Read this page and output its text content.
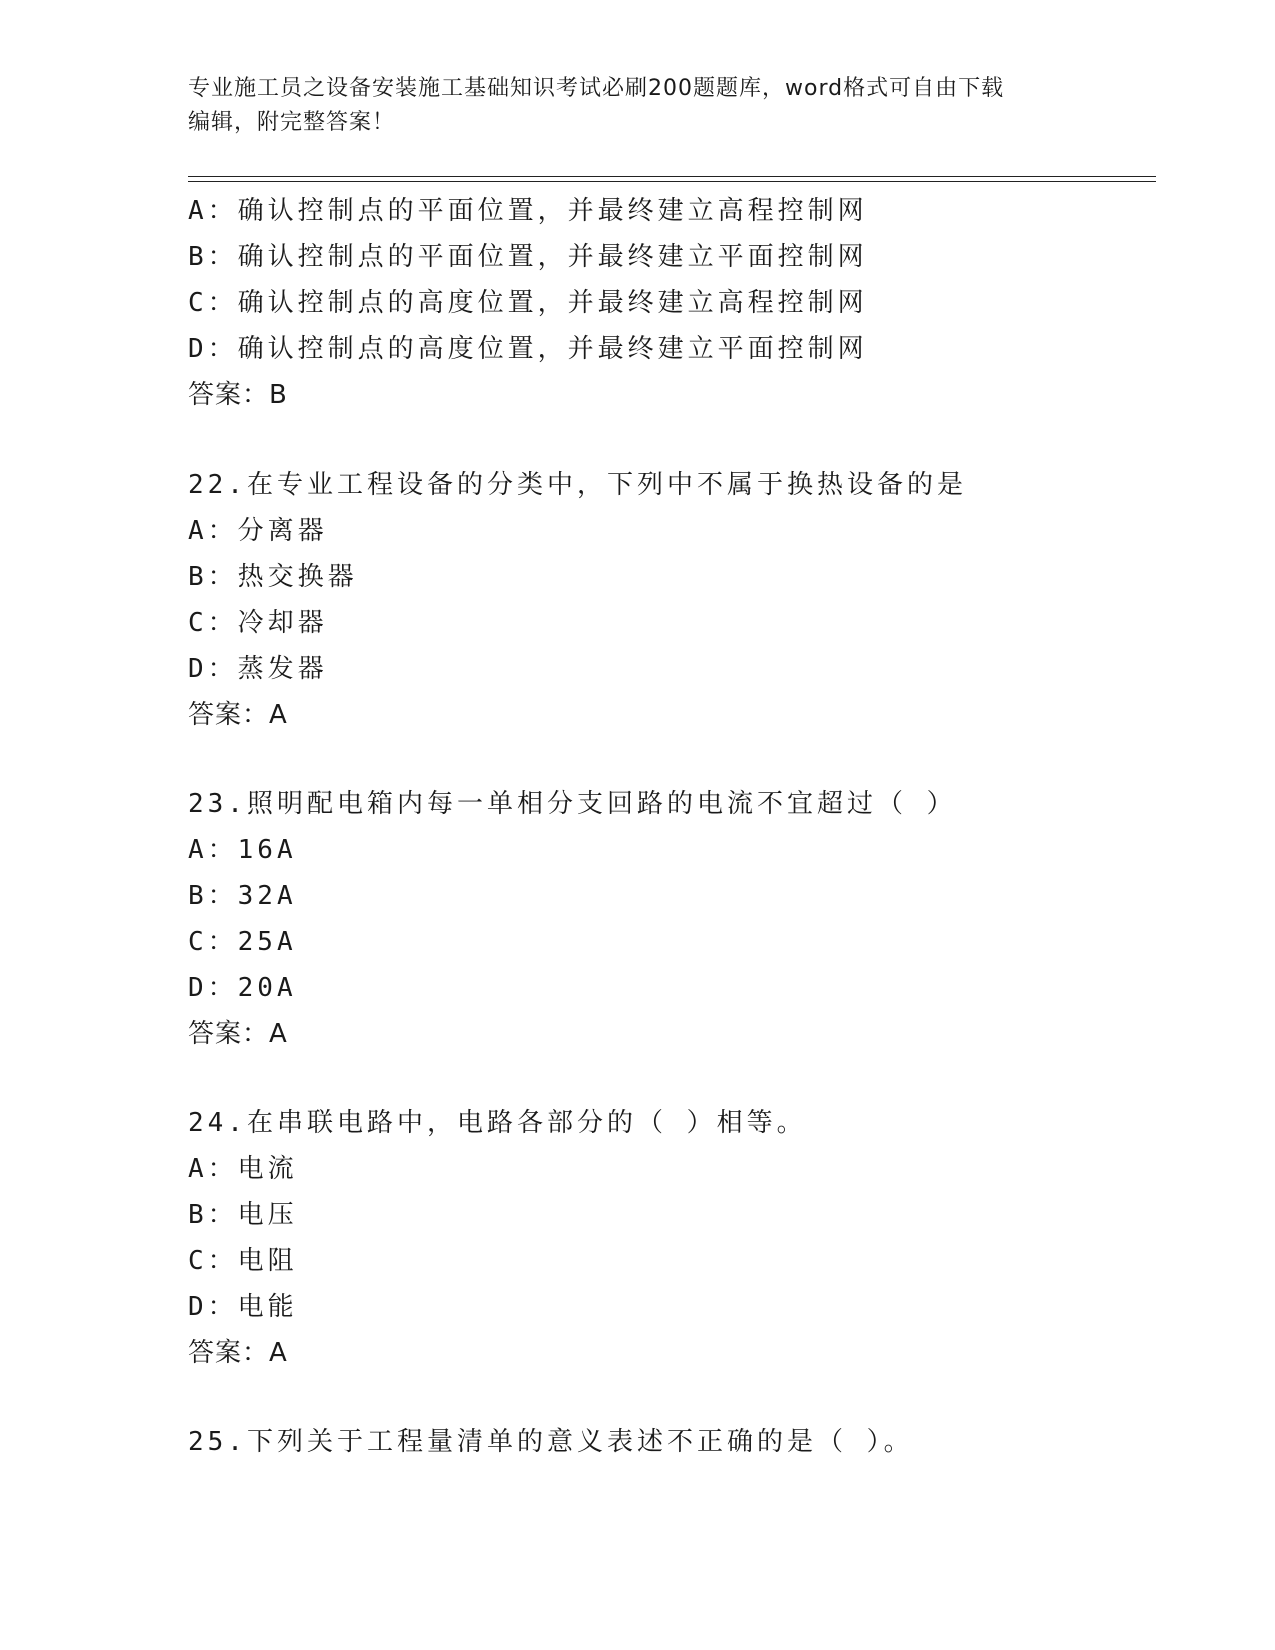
专业施工员之设备安装施工基础知识考试必刷200题题库，word格式可自由下载
编辑，附完整答案！
A：确认控制点的平面位置，并最终建立高程控制网
B：确认控制点的平面位置，并最终建立平面控制网
C：确认控制点的高度位置，并最终建立高程控制网
D：确认控制点的高度位置，并最终建立平面控制网
答案：B
22.在专业工程设备的分类中，下列中不属于换热设备的是
A：分离器
B：热交换器
C：冷却器
D：蒸发器
答案：A
23.照明配电箱内每一单相分支回路的电流不宜超过（ ）
A：16A
B：32A
C：25A
D：20A
答案：A
24.在串联电路中，电路各部分的（ ）相等。
A：电流
B：电压
C：电阻
D：电能
答案：A
25.下列关于工程量清单的意义表述不正确的是（ ）。
